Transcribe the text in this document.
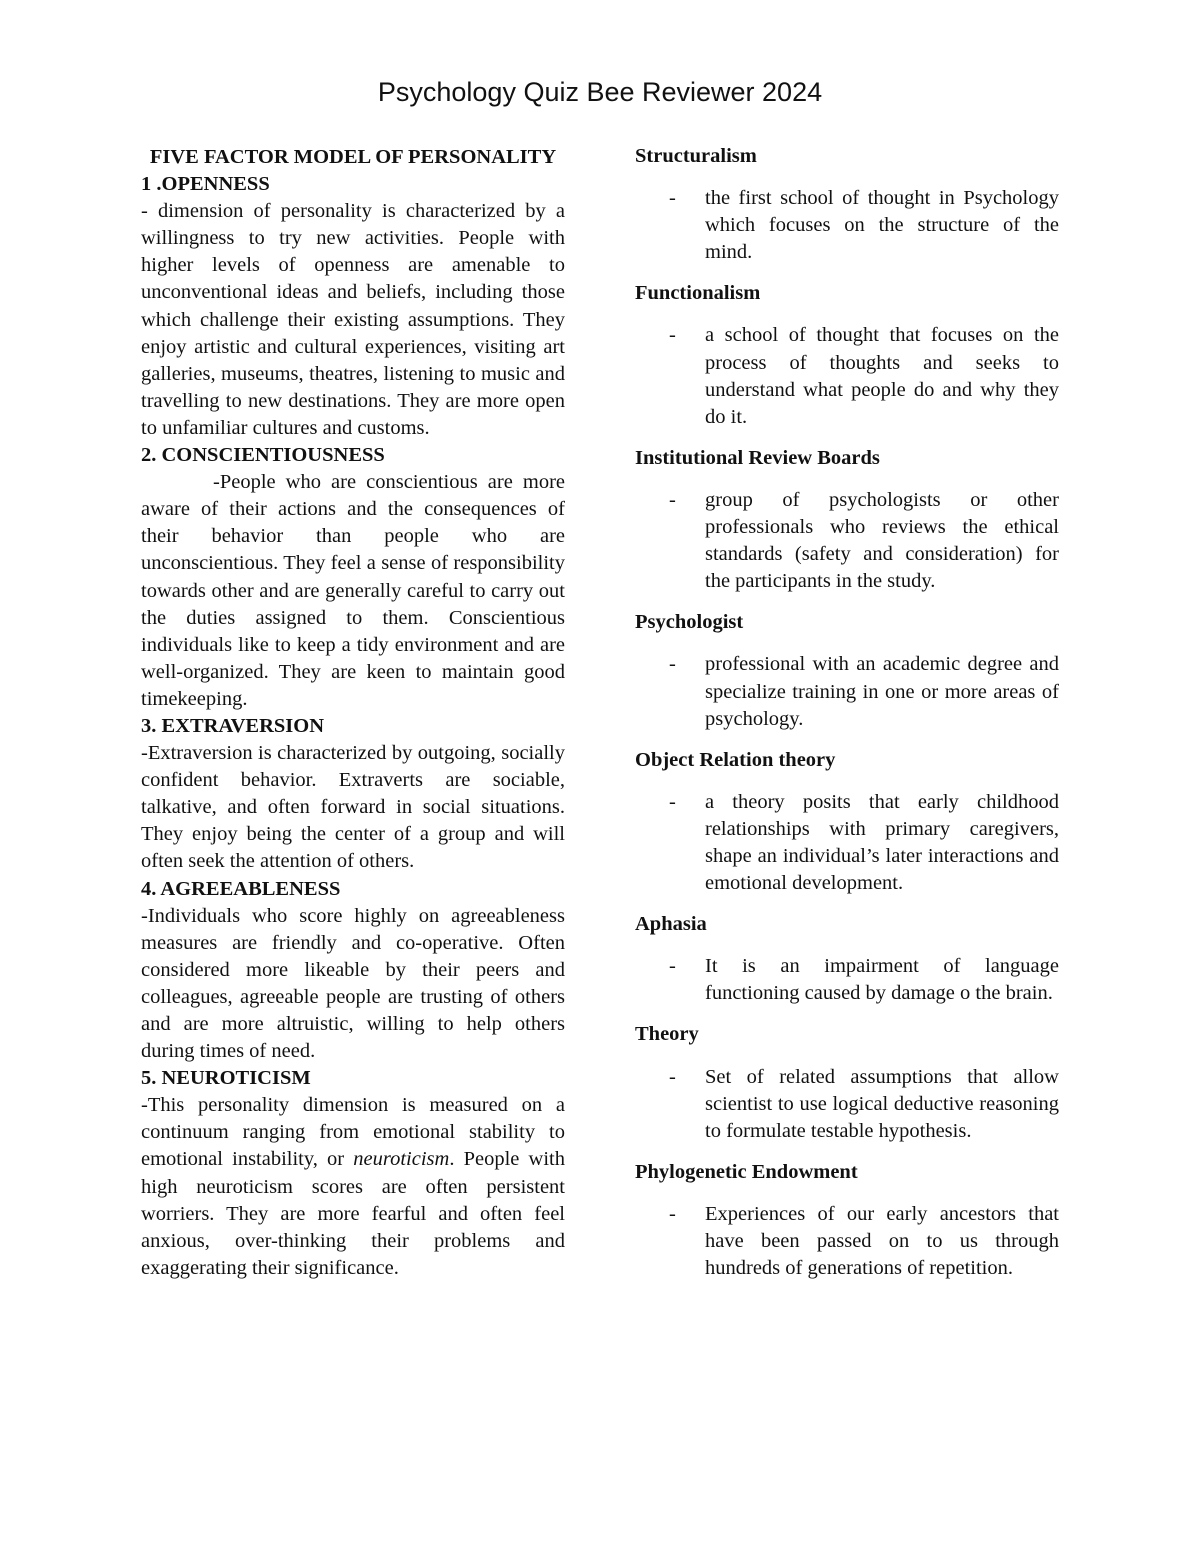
Psychology Quiz Bee Reviewer 2024

FIVE FACTOR MODEL OF PERSONALITY

1 .OPENNESS

- dimension of personality is characterized by a willingness to try new activities. People with higher levels of openness are amenable to unconventional ideas and beliefs, including those which challenge their existing assumptions. They enjoy artistic and cultural experiences, visiting art galleries, museums, theatres, listening to music and travelling to new destinations. They are more open to unfamiliar cultures and customs.

2. CONSCIENTIOUSNESS

-People who are conscientious are more aware of their actions and the consequences of their behavior than people who are unconscientious. They feel a sense of responsibility towards other and are generally careful to carry out the duties assigned to them. Conscientious individuals like to keep a tidy environment and are well-organized. They are keen to maintain good timekeeping.

3. EXTRAVERSION

-Extraversion is characterized by outgoing, socially confident behavior. Extraverts are sociable, talkative, and often forward in social situations. They enjoy being the center of a group and will often seek the attention of others.

4. AGREEABLENESS

-Individuals who score highly on agreeableness measures are friendly and co-operative. Often considered more likeable by their peers and colleagues, agreeable people are trusting of others and are more altruistic, willing to help others during times of need.

5. NEUROTICISM

-This personality dimension is measured on a continuum ranging from emotional stability to emotional instability, or neuroticism. People with high neuroticism scores are often persistent worriers. They are more fearful and often feel anxious, over-thinking their problems and exaggerating their significance.

Structuralism

- the first school of thought in Psychology which focuses on the structure of the mind.

Functionalism

- a school of thought that focuses on the process of thoughts and seeks to understand what people do and why they do it.

Institutional Review Boards

- group of psychologists or other professionals who reviews the ethical standards (safety and consideration) for the participants in the study.

Psychologist

- professional with an academic degree and specialize training in one or more areas of psychology.

Object Relation theory

- a theory posits that early childhood relationships with primary caregivers, shape an individual’s later interactions and emotional development.

Aphasia

- It is an impairment of language functioning caused by damage o the brain.

Theory

- Set of related assumptions that allow scientist to use logical deductive reasoning to formulate testable hypothesis.

Phylogenetic Endowment

- Experiences of our early ancestors that have been passed on to us through hundreds of generations of repetition.
